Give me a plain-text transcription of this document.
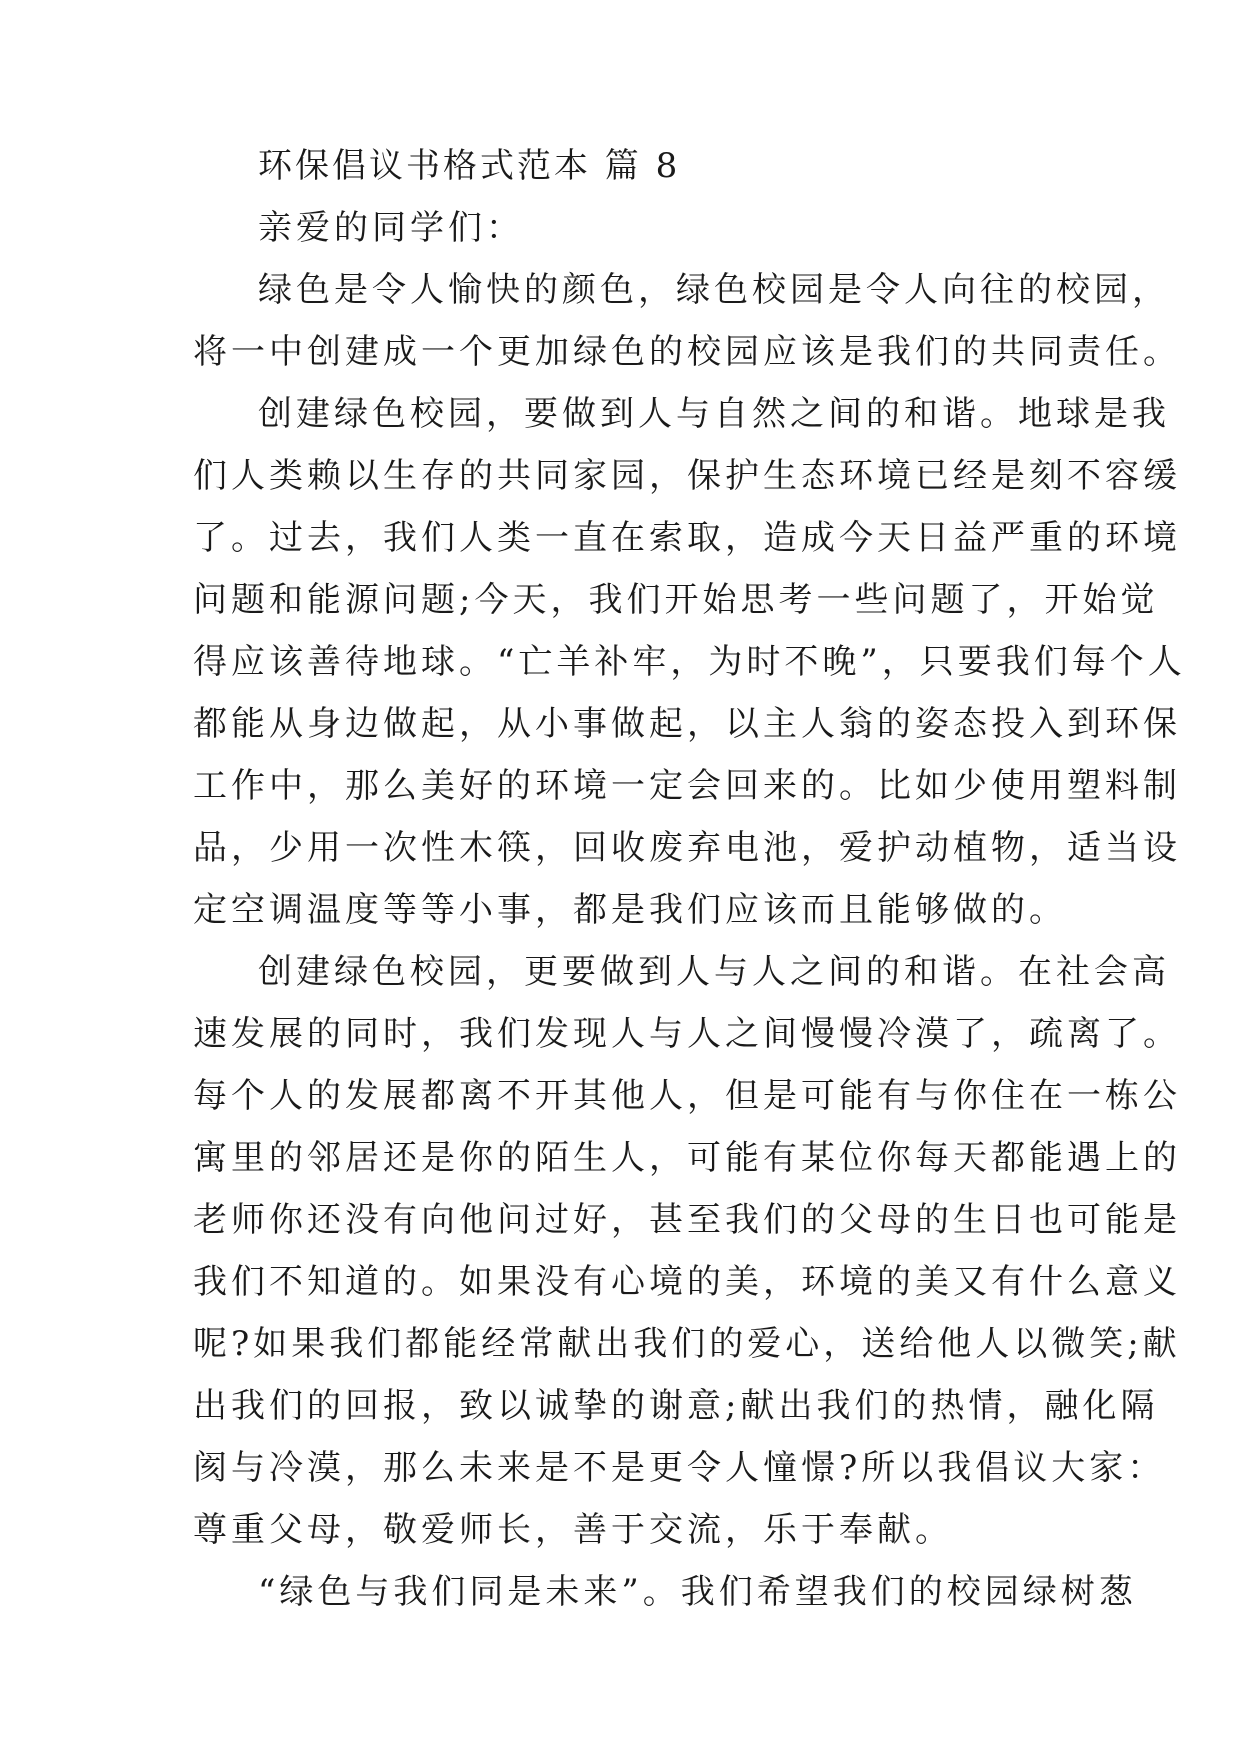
环保倡议书格式范本 篇 8
亲爱的同学们：
绿色是令人愉快的颜色，绿色校园是令人向往的校园，
将一中创建成一个更加绿色的校园应该是我们的共同责任。
创建绿色校园，要做到人与自然之间的和谐。地球是我
们人类赖以生存的共同家园，保护生态环境已经是刻不容缓
了。过去，我们人类一直在索取，造成今天日益严重的环境
问题和能源问题;今天，我们开始思考一些问题了，开始觉
得应该善待地球。“亡羊补牢，为时不晚”，只要我们每个人
都能从身边做起，从小事做起，以主人翁的姿态投入到环保
工作中，那么美好的环境一定会回来的。比如少使用塑料制
品，少用一次性木筷，回收废弃电池，爱护动植物，适当设
定空调温度等等小事，都是我们应该而且能够做的。
创建绿色校园，更要做到人与人之间的和谐。在社会高
速发展的同时，我们发现人与人之间慢慢冷漠了，疏离了。
每个人的发展都离不开其他人，但是可能有与你住在一栋公
寓里的邻居还是你的陌生人，可能有某位你每天都能遇上的
老师你还没有向他问过好，甚至我们的父母的生日也可能是
我们不知道的。如果没有心境的美，环境的美又有什么意义
呢?如果我们都能经常献出我们的爱心，送给他人以微笑;献
出我们的回报，致以诚挚的谢意;献出我们的热情，融化隔
阂与冷漠，那么未来是不是更令人憧憬?所以我倡议大家：
尊重父母，敬爱师长，善于交流，乐于奉献。
“绿色与我们同是未来”。我们希望我们的校园绿树葱
